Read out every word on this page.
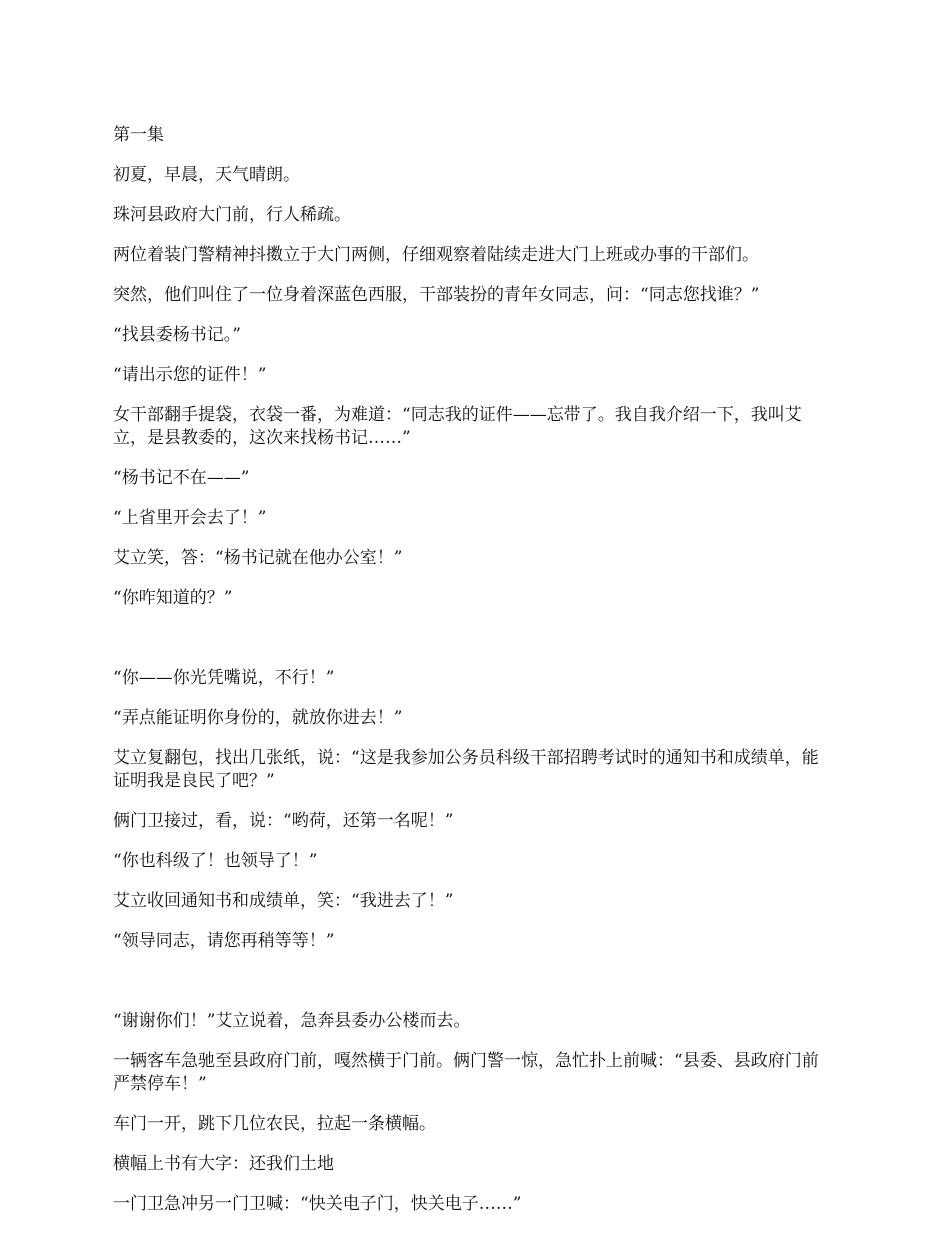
第一集

初夏，早晨，天气晴朗。

珠河县政府大门前，行人稀疏。

两位着装门警精神抖擞立于大门两侧，仔细观察着陆续走进大门上班或办事的干部们。

突然，他们叫住了一位身着深蓝色西服，干部装扮的青年女同志，问：“同志您找谁？”

“找县委杨书记。”

“请出示您的证件！”

女干部翻手提袋，衣袋一番，为难道：“同志我的证件——忘带了。我自我介绍一下，我叫艾立，是县教委的，这次来找杨书记……”

“杨书记不在——”

“上省里开会去了！”

艾立笑，答：“杨书记就在他办公室！”

“你咋知道的？”

“你——你光凭嘴说，不行！”

“弄点能证明你身份的，就放你进去！”

艾立复翻包，找出几张纸，说：“这是我参加公务员科级干部招聘考试时的通知书和成绩单，能证明我是良民了吧？”

俩门卫接过，看，说：“哟荷，还第一名呢！”

“你也科级了！也领导了！”

艾立收回通知书和成绩单，笑：“我进去了！”

“领导同志，请您再稍等等！”

“谢谢你们！”艾立说着，急奔县委办公楼而去。

一辆客车急驰至县政府门前，嘎然横于门前。俩门警一惊，急忙扑上前喊：“县委、县政府门前严禁停车！”

车门一开，跳下几位农民，拉起一条横幅。

横幅上书有大字：还我们土地

一门卫急冲另一门卫喊：“快关电子门，快关电子……”
